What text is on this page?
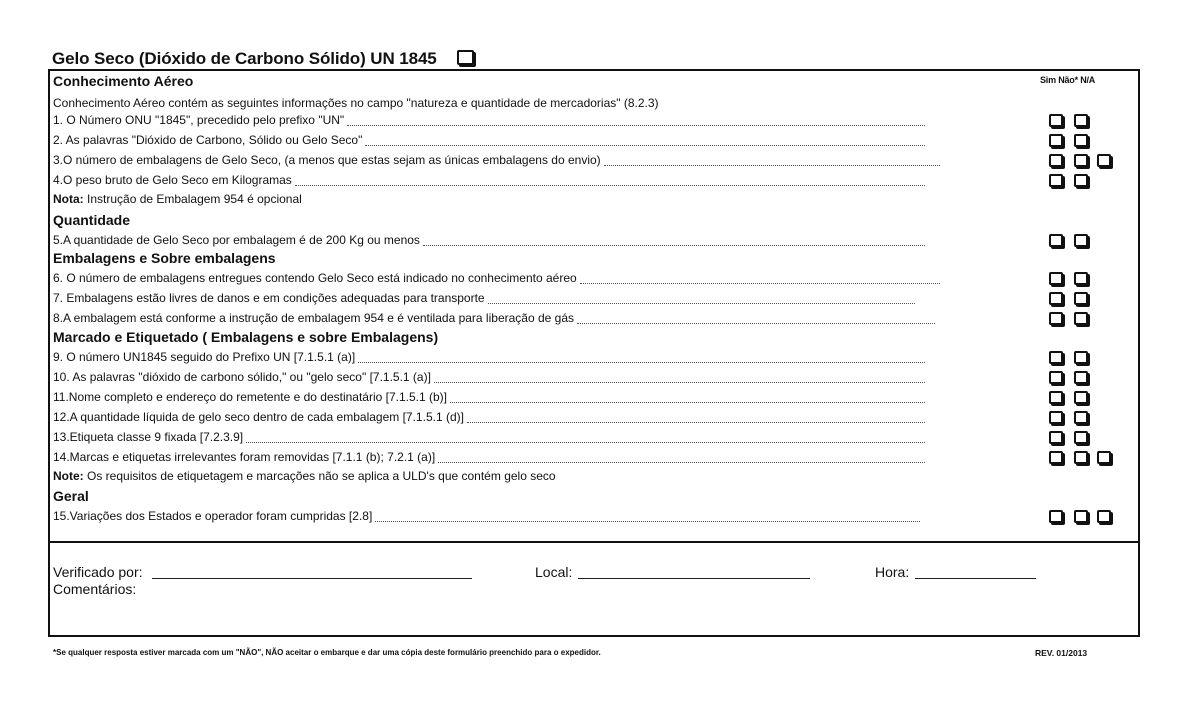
Gelo Seco (Dióxido de Carbono Sólido) UN 1845
Sim Não* N/A
Conhecimento Aéreo
Conhecimento Aéreo contém as seguintes informações no campo "natureza e quantidade de mercadorias" (8.2.3)
Quantidade
Embalagens e Sobre embalagens
Marcado e Etiquetado ( Embalagens e sobre Embalagens)
Geral
Nota: Instrução de Embalagem 954 é opcional
Note: Os requisitos de etiquetagem e marcações não se aplica a ULD's que contém gelo seco
1. O Número ONU "1845", precedido pelo prefixo "UN"
2. As palavras "Dióxido de Carbono, Sólido ou Gelo Seco"
3.O número de embalagens de Gelo Seco, (a menos que estas sejam as únicas embalagens do envio)
4.O peso bruto de Gelo Seco em Kilogramas
5.A quantidade de Gelo Seco por embalagem é de 200 Kg ou menos
6. O número de embalagens entregues contendo Gelo Seco está indicado no conhecimento aéreo
7. Embalagens estão livres de danos e em condições adequadas para transporte
8.A embalagem está conforme a instrução de embalagem 954 e é ventilada para liberação de gás
9. O número UN1845 seguido do Prefixo UN [7.1.5.1 (a)]
10. As palavras "dióxido de carbono sólido," ou "gelo seco" [7.1.5.1 (a)]
11.Nome completo e endereço do remetente e do destinatário [7.1.5.1 (b)]
12.A quantidade líquida de gelo seco dentro de cada embalagem [7.1.5.1 (d)]
13.Etiqueta classe 9 fixada [7.2.3.9]
14.Marcas e etiquetas irrelevantes foram removidas [7.1.1 (b); 7.2.1 (a)]
15.Variações dos Estados e operador foram cumpridas [2.8]
Verificado por:	Local:	Hora:
Comentários:
*Se qualquer resposta estiver marcada com um "NÃO", NÃO aceitar o embarque e dar uma cópia deste formulário preenchido para o expedidor.	REV. 01/2013
